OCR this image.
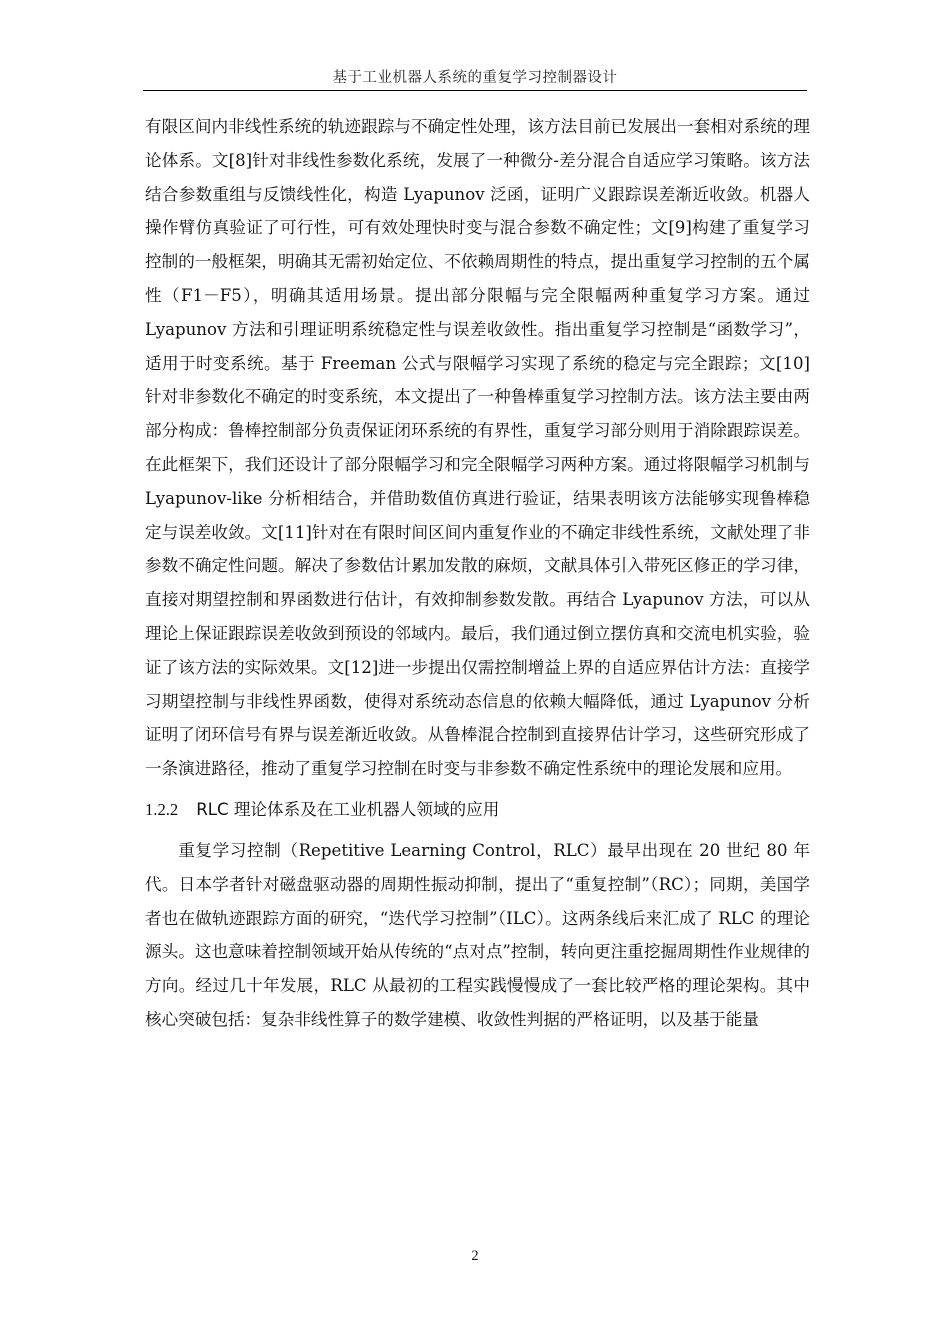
基于工业机器人系统的重复学习控制器设计

有限区间内非线性系统的轨迹跟踪与不确定性处理，该方法目前已发展出一套相对系统的理论体系。文[8]针对非线性参数化系统，发展了一种微分-差分混合自适应学习策略。该方法结合参数重组与反馈线性化，构造 Lyapunov 泛函，证明广义跟踪误差渐近收敛。机器人操作臂仿真验证了可行性，可有效处理快时变与混合参数不确定性；文[9]构建了重复学习控制的一般框架，明确其无需初始定位、不依赖周期性的特点，提出重复学习控制的五个属性（F1－F5），明确其适用场景。提出部分限幅与完全限幅两种重复学习方案。通过 Lyapunov 方法和引理证明系统稳定性与误差收敛性。指出重复学习控制是“函数学习”，适用于时变系统。基于 Freeman 公式与限幅学习实现了系统的稳定与完全跟踪；文[10]针对非参数化不确定的时变系统，本文提出了一种鲁棒重复学习控制方法。该方法主要由两部分构成：鲁棒控制部分负责保证闭环系统的有界性，重复学习部分则用于消除跟踪误差。在此框架下，我们还设计了部分限幅学习和完全限幅学习两种方案。通过将限幅学习机制与 Lyapunov-like 分析相结合，并借助数值仿真进行验证，结果表明该方法能够实现鲁棒稳定与误差收敛。文[11]针对在有限时间区间内重复作业的不确定非线性系统，文献处理了非参数不确定性问题。解决了参数估计累加发散的麻烦，文献具体引入带死区修正的学习律，直接对期望控制和界函数进行估计，有效抑制参数发散。再结合 Lyapunov 方法，可以从理论上保证跟踪误差收敛到预设的邻域内。最后，我们通过倒立摆仿真和交流电机实验，验证了该方法的实际效果。文[12]进一步提出仅需控制增益上界的自适应界估计方法：直接学习期望控制与非线性界函数，使得对系统动态信息的依赖大幅降低，通过 Lyapunov 分析证明了闭环信号有界与误差渐近收敛。从鲁棒混合控制到直接界估计学习，这些研究形成了一条演进路径，推动了重复学习控制在时变与非参数不确定性系统中的理论发展和应用。

1.2.2 RLC 理论体系及在工业机器人领域的应用

重复学习控制（Repetitive Learning Control，RLC）最早出现在 20 世纪 80 年代。日本学者针对磁盘驱动器的周期性振动抑制，提出了“重复控制”（RC）；同期，美国学者也在做轨迹跟踪方面的研究，“迭代学习控制”（ILC）。这两条线后来汇成了 RLC 的理论源头。这也意味着控制领域开始从传统的“点对点”控制，转向更注重挖掘周期性作业规律的方向。经过几十年发展，RLC 从最初的工程实践慢慢成了一套比较严格的理论架构。其中核心突破包括：复杂非线性算子的数学建模、收敛性判据的严格证明，以及基于能量

2
